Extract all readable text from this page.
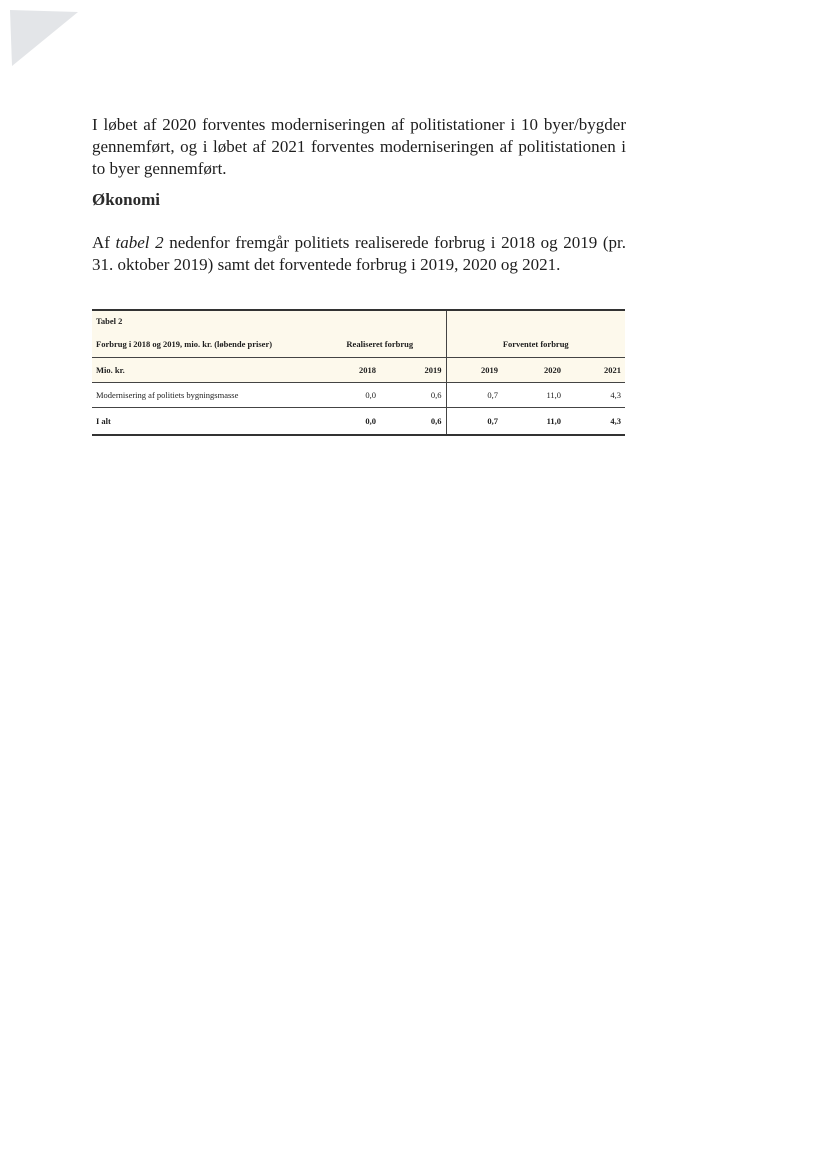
I løbet af 2020 forventes moderniseringen af politistationer i 10 byer/bygder gennemført, og i løbet af 2021 forventes moderniseringen af politistationen i to byer gennemført.

Økonomi

Af tabel 2 nedenfor fremgår politiets realiserede forbrug i 2018 og 2019 (pr. 31. oktober 2019) samt det forventede forbrug i 2019, 2020 og 2021.

Tabel 2					
Forbrug i 2018 og 2019, mio. kr. (løbende priser)	Realiseret forbrug		Forventet forbrug		
Mio. kr.	2018	2019	2019	2020	2021
Modernisering af politiets bygningsmasse	0,0	0,6	0,7	11,0	4,3
I alt	0,0	0,6	0,7	11,0	4,3
